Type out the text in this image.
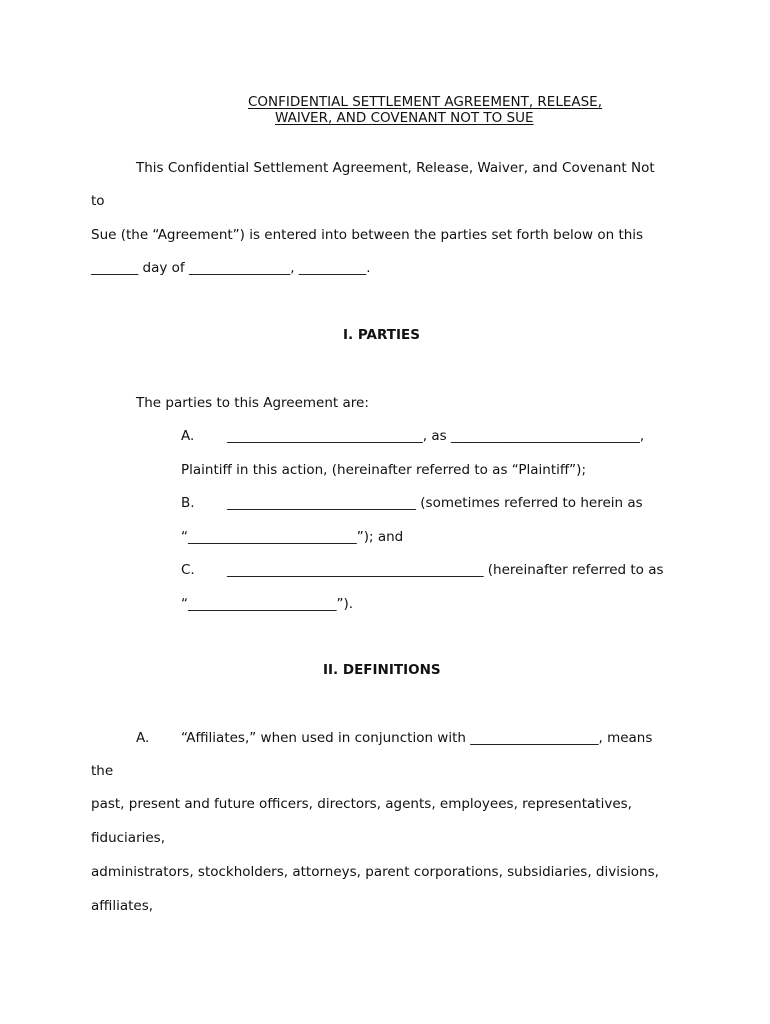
CONFIDENTIAL SETTLEMENT AGREEMENT, RELEASE,
WAIVER, AND COVENANT NOT TO SUE
This Confidential Settlement Agreement, Release, Waiver, and Covenant Not
to
Sue (the “Agreement”) is entered into between the parties set forth below on this
_______ day of _______________, __________.
I. PARTIES
The parties to this Agreement are:
A. _____________________________, as ____________________________,
Plaintiff in this action, (hereinafter referred to as “Plaintiff”);
B. ____________________________ (sometimes referred to herein as
“_________________________”); and
C. ______________________________________ (hereinafter referred to as
“______________________”).
II. DEFINITIONS
A. “Affiliates,” when used in conjunction with ___________________, means
the
past, present and future officers, directors, agents, employees, representatives,
fiduciaries,
administrators, stockholders, attorneys, parent corporations, subsidiaries, divisions,
affiliates,
